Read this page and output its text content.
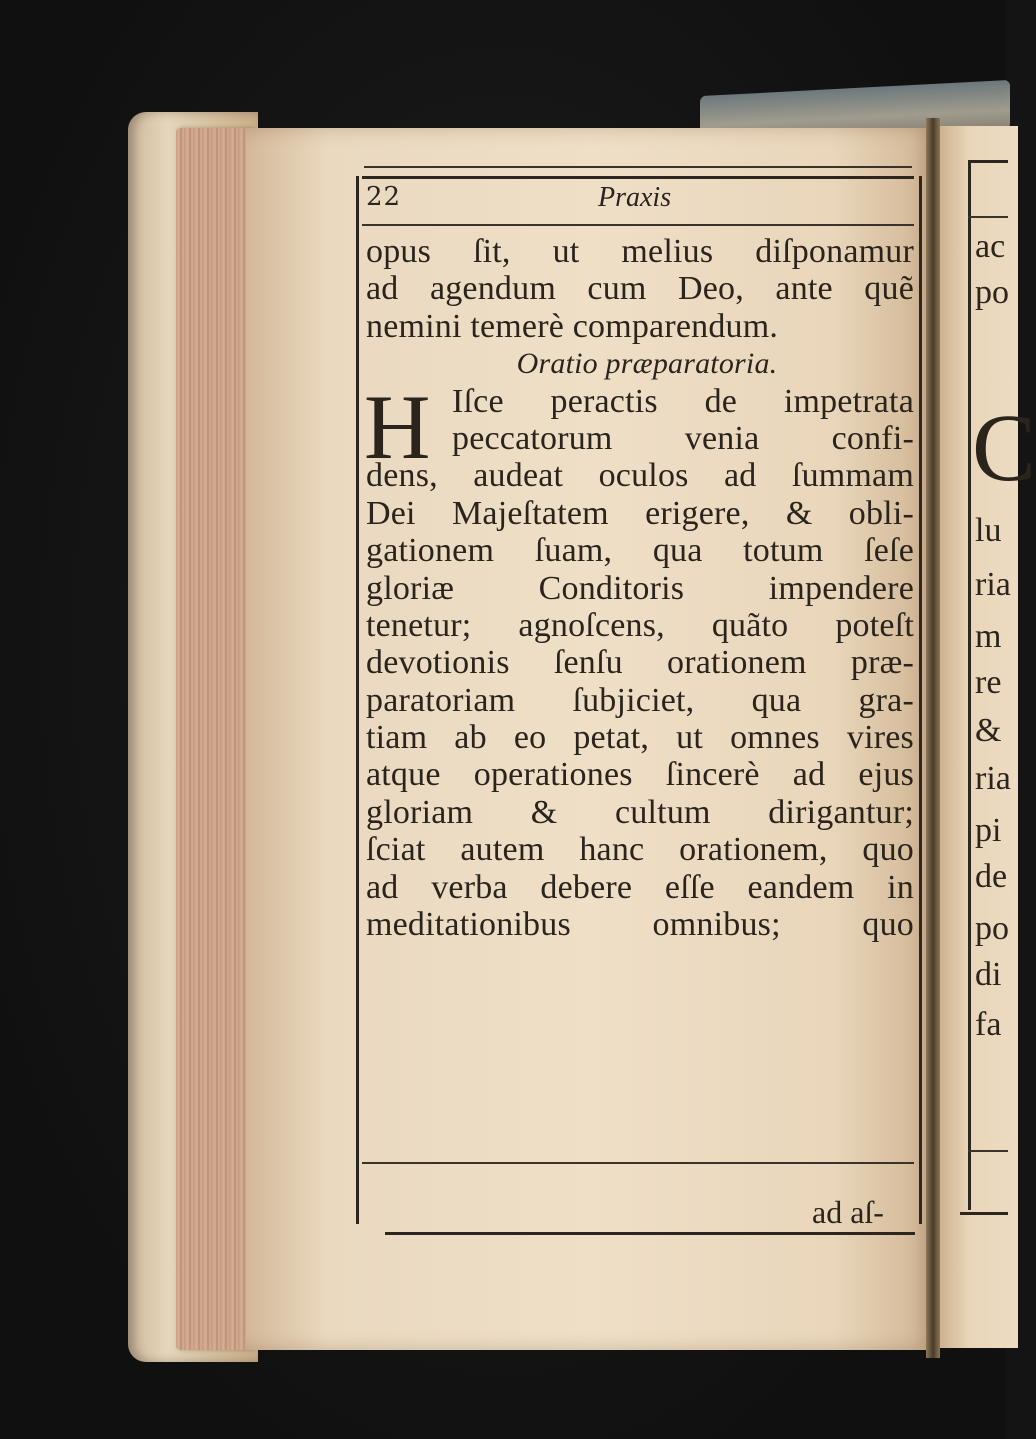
22	Praxis
opus ſit, ut melius diſponamur
ad agendum cum Deo, ante quẽ
nemini temerè comparendum.
Oratio præparatoria.
H Iſce peractis de impetrata
peccatorum venia confi-
dens, audeat oculos ad ſummam
Dei Majeſtatem erigere, & obli-
gationem ſuam, qua totum ſeſe
gloriæ Conditoris impendere
tenetur; agnoſcens, quãto poteſt
devotionis ſenſu orationem præ-
paratoriam ſubjiciet, qua gra-
tiam ab eo petat, ut omnes vires
atque operationes ſincerè ad ejus
gloriam & cultum dirigantur;
ſciat autem hanc orationem, quo
ad verba debere eſſe eandem in
meditationibus omnibus; quo
ad aſ-
C
ac
po
lu
ria
m
re
&
ria
pi
de
po
di
fa
